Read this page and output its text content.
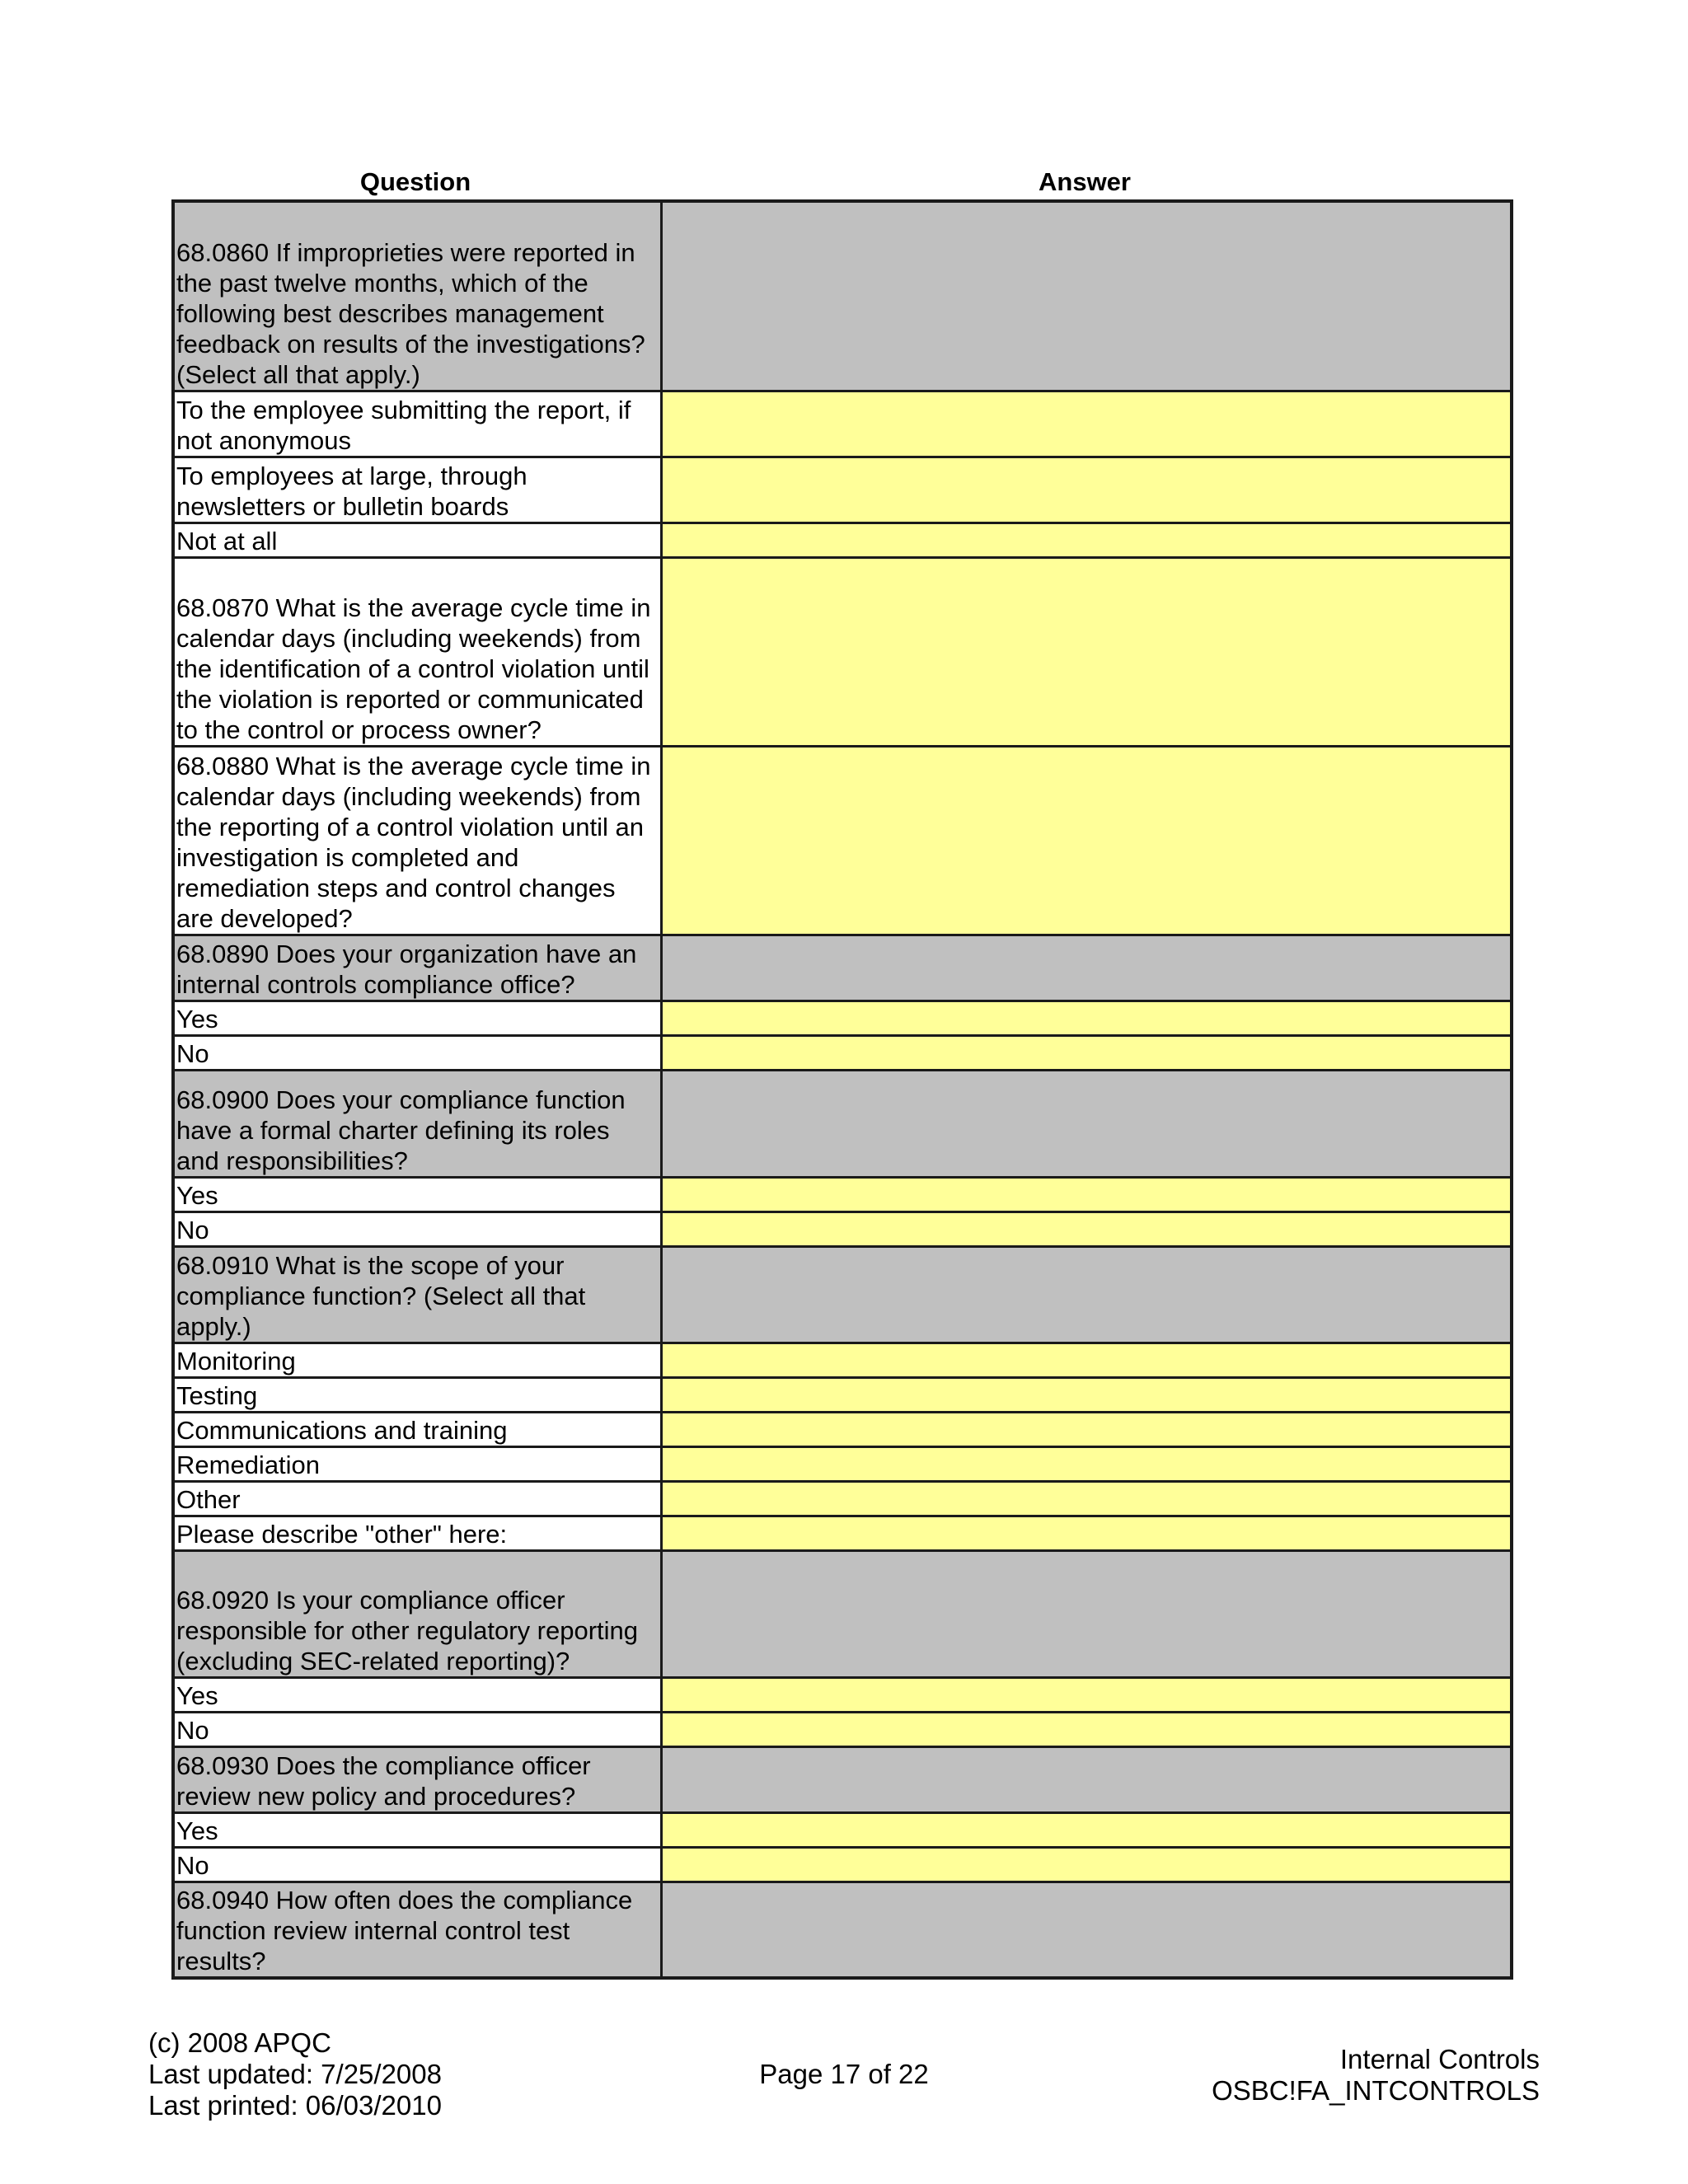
Question	Answer
68.0860 If improprieties were reported in the past twelve months, which of the following best describes management feedback on results of the investigations? (Select all that apply.)	
To the employee submitting the report, if not anonymous	
To employees at large, through newsletters or bulletin boards	
Not at all	
68.0870 What is the average cycle time in calendar days (including weekends) from the identification of a control violation until the violation is reported or communicated to the control or process owner?	
68.0880 What is the average cycle time in calendar days (including weekends) from the reporting of a control violation until an investigation is completed and remediation steps and control changes are developed?	
68.0890 Does your organization have an internal controls compliance office?	
Yes	
No	
68.0900 Does your compliance function have a formal charter defining its roles and responsibilities?	
Yes	
No	
68.0910 What is the scope of your compliance function? (Select all that apply.)	
Monitoring	
Testing	
Communications and training	
Remediation	
Other	
Please describe "other" here:	
68.0920 Is your compliance officer responsible for other regulatory reporting (excluding SEC-related reporting)?	
Yes	
No	
68.0930 Does the compliance officer review new policy and procedures?	
Yes	
No	
68.0940 How often does the compliance function review internal control test results?	
(c) 2008 APQC
Last updated: 7/25/2008
Last printed: 06/03/2010
Page 17 of 22	Internal Controls
OSBC!FA_INTCONTROLS
